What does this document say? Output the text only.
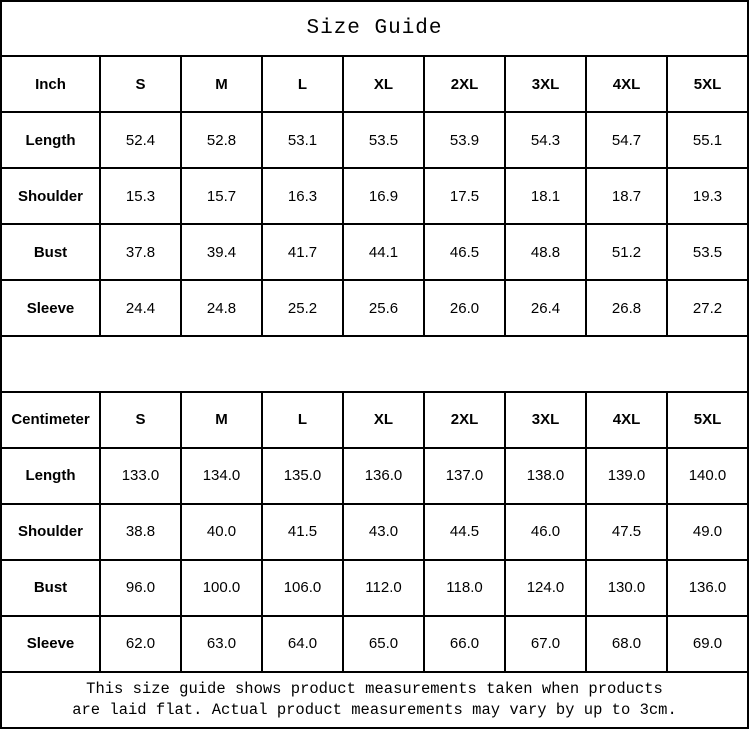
Size Guide								
Inch	S	M	L	XL	2XL	3XL	4XL	5XL
Length	52.4	52.8	53.1	53.5	53.9	54.3	54.7	55.1
Shoulder	15.3	15.7	16.3	16.9	17.5	18.1	18.7	19.3
Bust	37.8	39.4	41.7	44.1	46.5	48.8	51.2	53.5
Sleeve	24.4	24.8	25.2	25.6	26.0	26.4	26.8	27.2

Centimeter	S	M	L	XL	2XL	3XL	4XL	5XL
Length	133.0	134.0	135.0	136.0	137.0	138.0	139.0	140.0
Shoulder	38.8	40.0	41.5	43.0	44.5	46.0	47.5	49.0
Bust	96.0	100.0	106.0	112.0	118.0	124.0	130.0	136.0
Sleeve	62.0	63.0	64.0	65.0	66.0	67.0	68.0	69.0

This size guide shows product measurements taken when products
are laid flat. Actual product measurements may vary by up to 3cm.								
